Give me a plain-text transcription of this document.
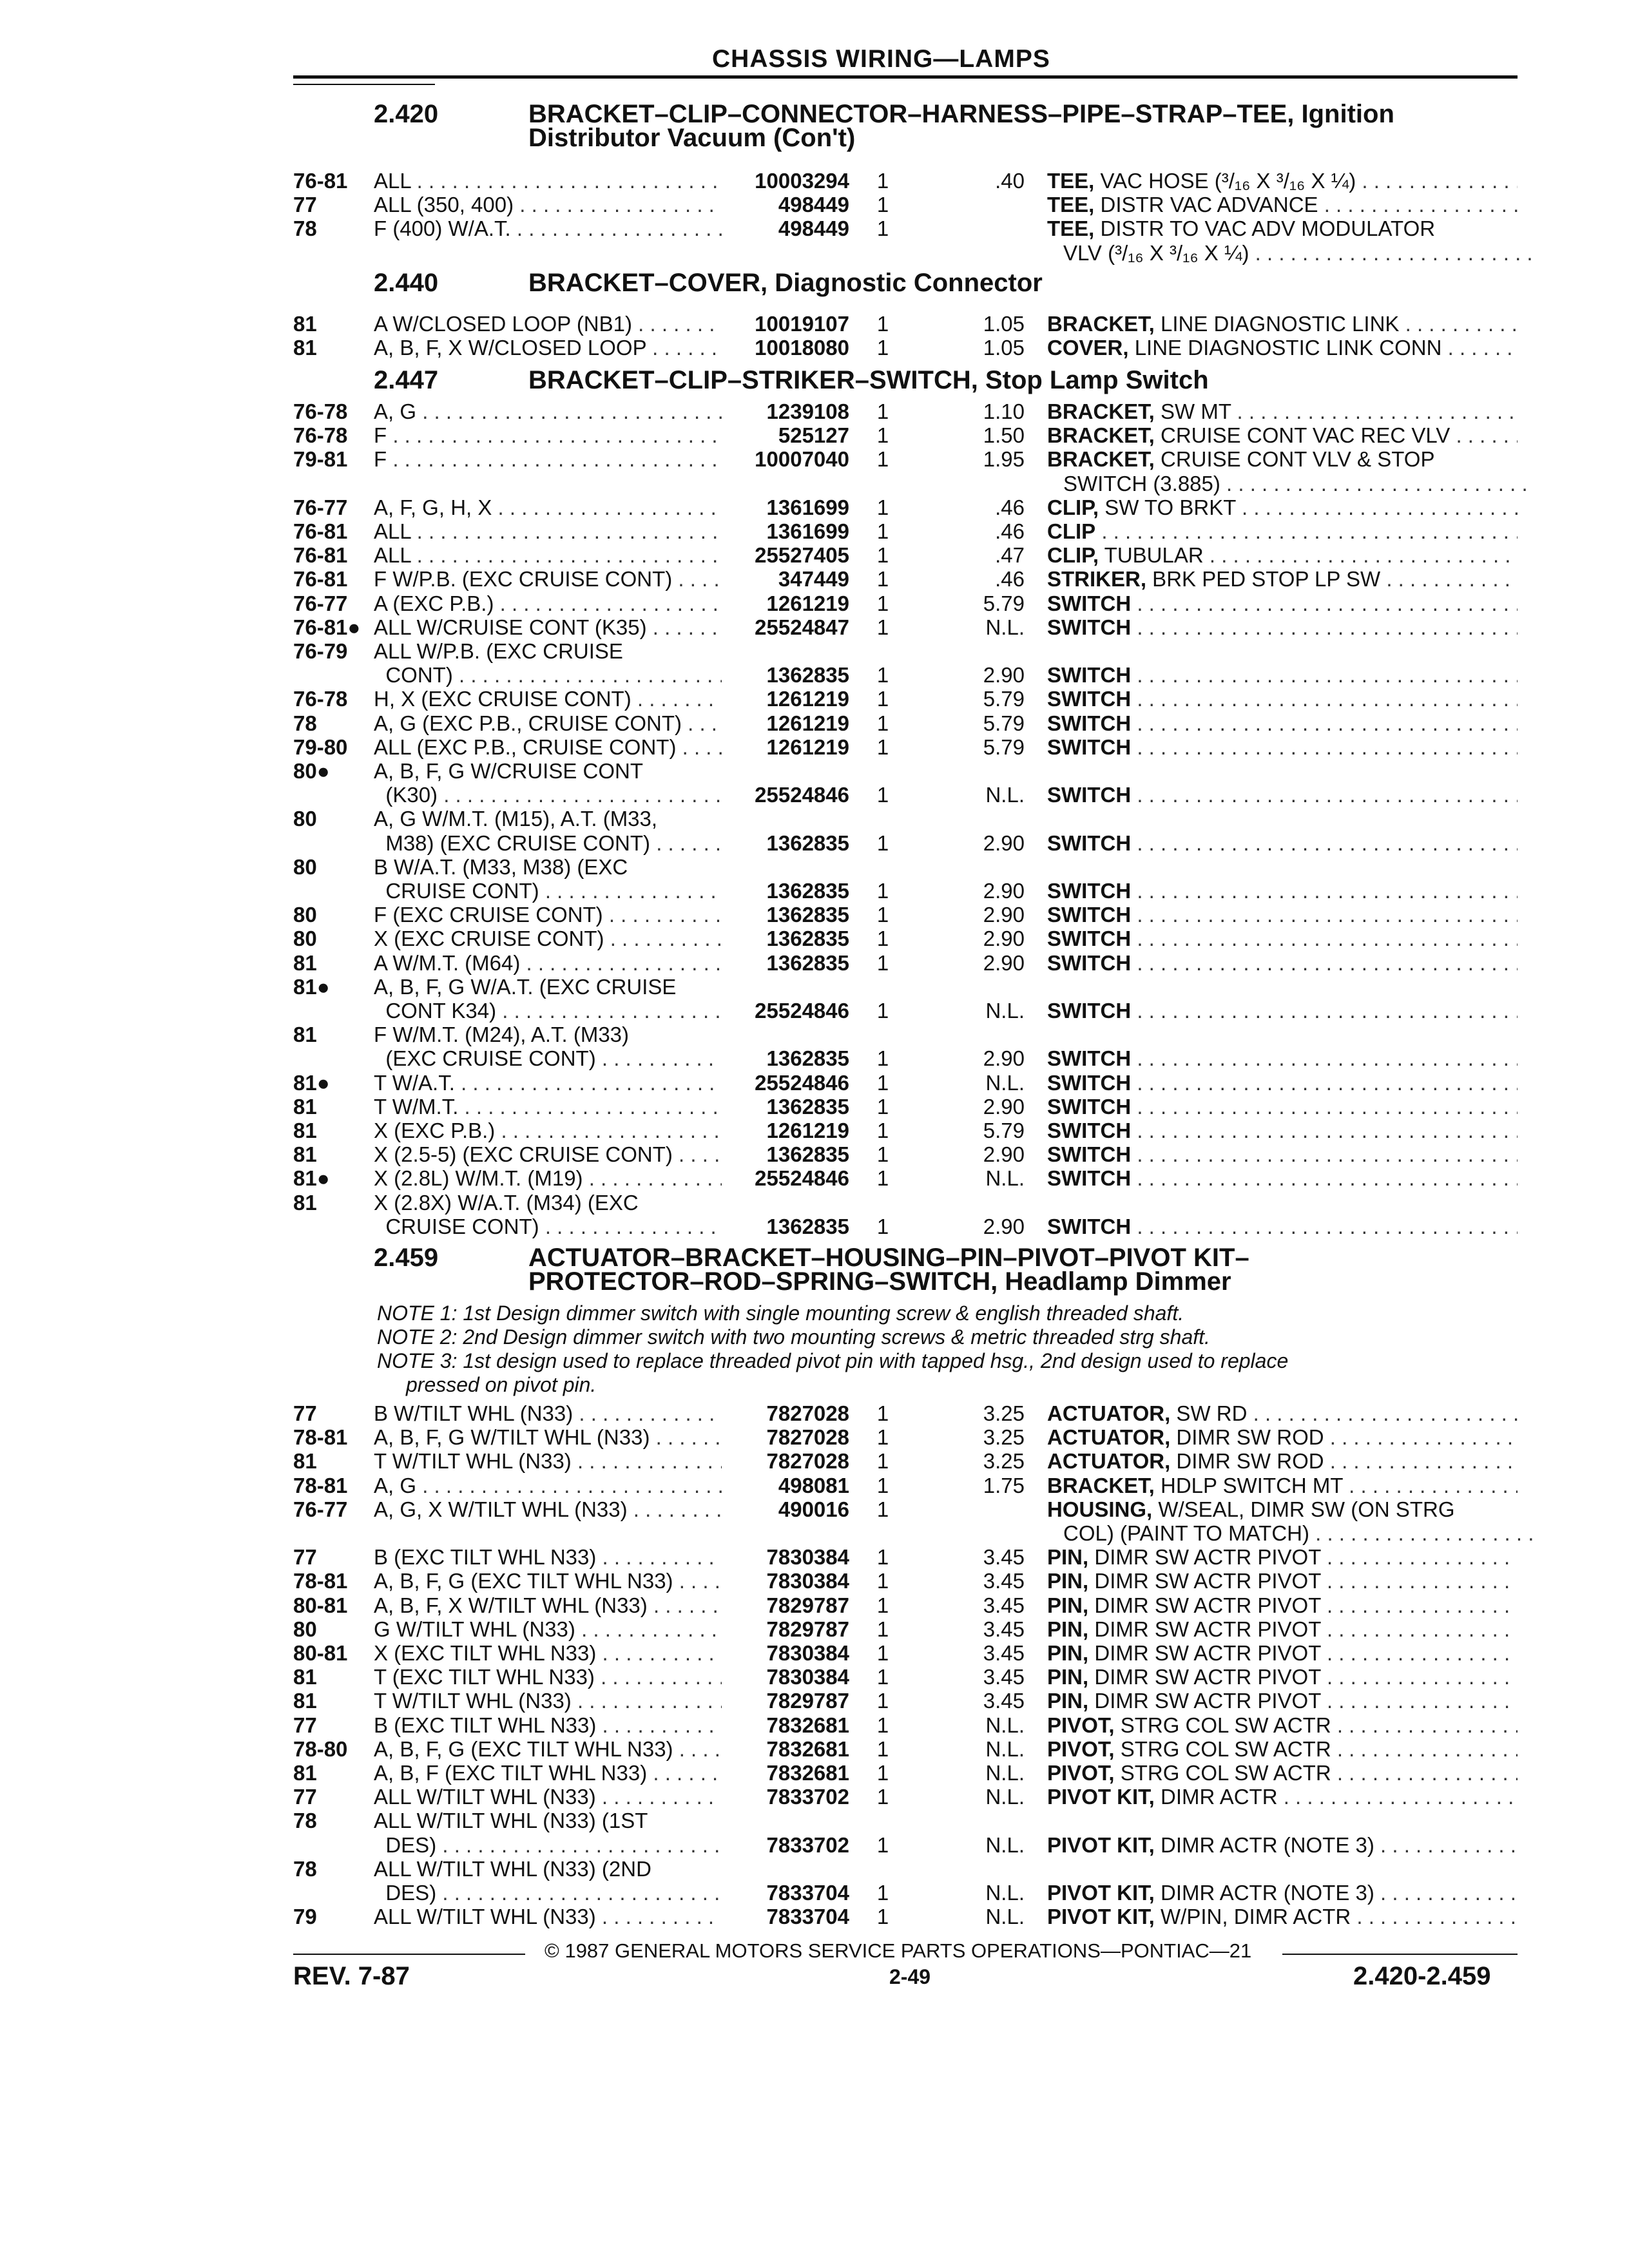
CHASSIS WIRING—LAMPS
2.420	BRACKET–CLIP–CONNECTOR–HARNESS–PIPE–STRAP–TEE, Ignition
Distributor Vacuum (Con't)
76-81 ALL . . .	10003294 1	.40 TEE, VAC HOSE (³/₁₆ X ³/₁₆ X ¼) . . .
77	ALL (350, 400) . . .	498449 1	TEE, DISTR VAC ADVANCE . . .
78	F (400) W/A.T. . . .	498449 1	TEE, DISTR TO VAC ADV MODULATOR
VLV (³/₁₆ X ³/₁₆ X ¼) . . .
2.440	BRACKET–COVER, Diagnostic Connector
81	A W/CLOSED LOOP (NB1) . . .	10019107 1	1.05 BRACKET, LINE DIAGNOSTIC LINK . . .
81	A, B, F, X W/CLOSED LOOP . . .	10018080 1	1.05 COVER, LINE DIAGNOSTIC LINK CONN . . .
2.447	BRACKET–CLIP–STRIKER–SWITCH, Stop Lamp Switch
76-78 A, G . . .	1239108 1	1.10 BRACKET, SW MT . . .
76-78 F . . .	525127 1	1.50 BRACKET, CRUISE CONT VAC REC VLV . . .
79-81 F . . .	10007040 1	1.95 BRACKET, CRUISE CONT VLV & STOP
SWITCH (3.885) . . .
76-77 A, F, G, H, X . . .	1361699 1	.46 CLIP, SW TO BRKT . . .
76-81 ALL . . .	1361699 1	.46 CLIP . . .
76-81 ALL . . .	25527405 1	.47 CLIP, TUBULAR . . .
76-81 F W/P.B. (EXC CRUISE CONT) . . .	347449 1	.46 STRIKER, BRK PED STOP LP SW . . .
76-77 A (EXC P.B.) . . .	1261219 1	5.79 SWITCH . . .
76-81● ALL W/CRUISE CONT (K35) . . .	25524847 1	N.L. SWITCH . . .
76-79 ALL W/P.B. (EXC CRUISE
CONT) . . .	1362835 1	2.90 SWITCH . . .
76-78 H, X (EXC CRUISE CONT) . . .	1261219 1	5.79 SWITCH . . .
78	A, G (EXC P.B., CRUISE CONT) . . .	1261219 1	5.79 SWITCH . . .
79-80 ALL (EXC P.B., CRUISE CONT) . . .	1261219 1	5.79 SWITCH . . .
80● A, B, F, G W/CRUISE CONT
(K30) . . .	25524846 1	N.L. SWITCH . . .
80	A, G W/M.T. (M15), A.T. (M33,
M38) (EXC CRUISE CONT) . . .	1362835 1	2.90 SWITCH . . .
80	B W/A.T. (M33, M38) (EXC
CRUISE CONT) . . .	1362835 1	2.90 SWITCH . . .
80	F (EXC CRUISE CONT) . . .	1362835 1	2.90 SWITCH . . .
80	X (EXC CRUISE CONT) . . .	1362835 1	2.90 SWITCH . . .
81	A W/M.T. (M64) . . .	1362835 1	2.90 SWITCH . . .
81● A, B, F, G W/A.T. (EXC CRUISE
CONT K34) . . .	25524846 1	N.L. SWITCH . . .
81	F W/M.T. (M24), A.T. (M33)
(EXC CRUISE CONT) . . .	1362835 1	2.90 SWITCH . . .
81● T W/A.T. . . .	25524846 1	N.L. SWITCH . . .
81	T W/M.T. . . .	1362835 1	2.90 SWITCH . . .
81	X (EXC P.B.) . . .	1261219 1	5.79 SWITCH . . .
81	X (2.5-5) (EXC CRUISE CONT) . . .	1362835 1	2.90 SWITCH . . .
81● X (2.8L) W/M.T. (M19) . . .	25524846 1	N.L. SWITCH . . .
81	X (2.8X) W/A.T. (M34) (EXC
CRUISE CONT) . . .	1362835 1	2.90 SWITCH . . .
2.459	ACTUATOR–BRACKET–HOUSING–PIN–PIVOT–PIVOT KIT–
PROTECTOR–ROD–SPRING–SWITCH, Headlamp Dimmer
NOTE 1: 1st Design dimmer switch with single mounting screw & english threaded shaft.
NOTE 2: 2nd Design dimmer switch with two mounting screws & metric threaded strg shaft.
NOTE 3: 1st design used to replace threaded pivot pin with tapped hsg., 2nd design used to replace
pressed on pivot pin.
77	B W/TILT WHL (N33) . . .	7827028 1	3.25 ACTUATOR, SW RD . . .
78-81 A, B, F, G W/TILT WHL (N33) . . .	7827028 1	3.25 ACTUATOR, DIMR SW ROD . . .
81	T W/TILT WHL (N33) . . .	7827028 1	3.25 ACTUATOR, DIMR SW ROD . . .
78-81 A, G . . .	498081 1	1.75 BRACKET, HDLP SWITCH MT . . .
76-77 A, G, X W/TILT WHL (N33) . . .	490016 1	HOUSING, W/SEAL, DIMR SW (ON STRG
COL) (PAINT TO MATCH) . . .
77	B (EXC TILT WHL N33) . . .	7830384 1	3.45 PIN, DIMR SW ACTR PIVOT . . .
78-81 A, B, F, G (EXC TILT WHL N33) . . .	7830384 1	3.45 PIN, DIMR SW ACTR PIVOT . . .
80-81 A, B, F, X W/TILT WHL (N33) . . .	7829787 1	3.45 PIN, DIMR SW ACTR PIVOT . . .
80	G W/TILT WHL (N33) . . .	7829787 1	3.45 PIN, DIMR SW ACTR PIVOT . . .
80-81 X (EXC TILT WHL N33) . . .	7830384 1	3.45 PIN, DIMR SW ACTR PIVOT . . .
81	T (EXC TILT WHL N33) . . .	7830384 1	3.45 PIN, DIMR SW ACTR PIVOT . . .
81	T W/TILT WHL (N33) . . .	7829787 1	3.45 PIN, DIMR SW ACTR PIVOT . . .
77	B (EXC TILT WHL N33) . . .	7832681 1	N.L. PIVOT, STRG COL SW ACTR . . .
78-80 A, B, F, G (EXC TILT WHL N33) . . .	7832681 1	N.L. PIVOT, STRG COL SW ACTR . . .
81	A, B, F (EXC TILT WHL N33) . . .	7832681 1	N.L. PIVOT, STRG COL SW ACTR . . .
77	ALL W/TILT WHL (N33) . . .	7833702 1	N.L. PIVOT KIT, DIMR ACTR . . .
78	ALL W/TILT WHL (N33) (1ST
DES) . . .	7833702 1	N.L. PIVOT KIT, DIMR ACTR (NOTE 3) . . .
78	ALL W/TILT WHL (N33) (2ND
DES) . . .	7833704 1	N.L. PIVOT KIT, DIMR ACTR (NOTE 3) . . .
79	ALL W/TILT WHL (N33) . . .	7833704 1	N.L. PIVOT KIT, W/PIN, DIMR ACTR . . .
© 1987 GENERAL MOTORS SERVICE PARTS OPERATIONS—PONTIAC—21
REV. 7-87	2-49	2.420-2.459
